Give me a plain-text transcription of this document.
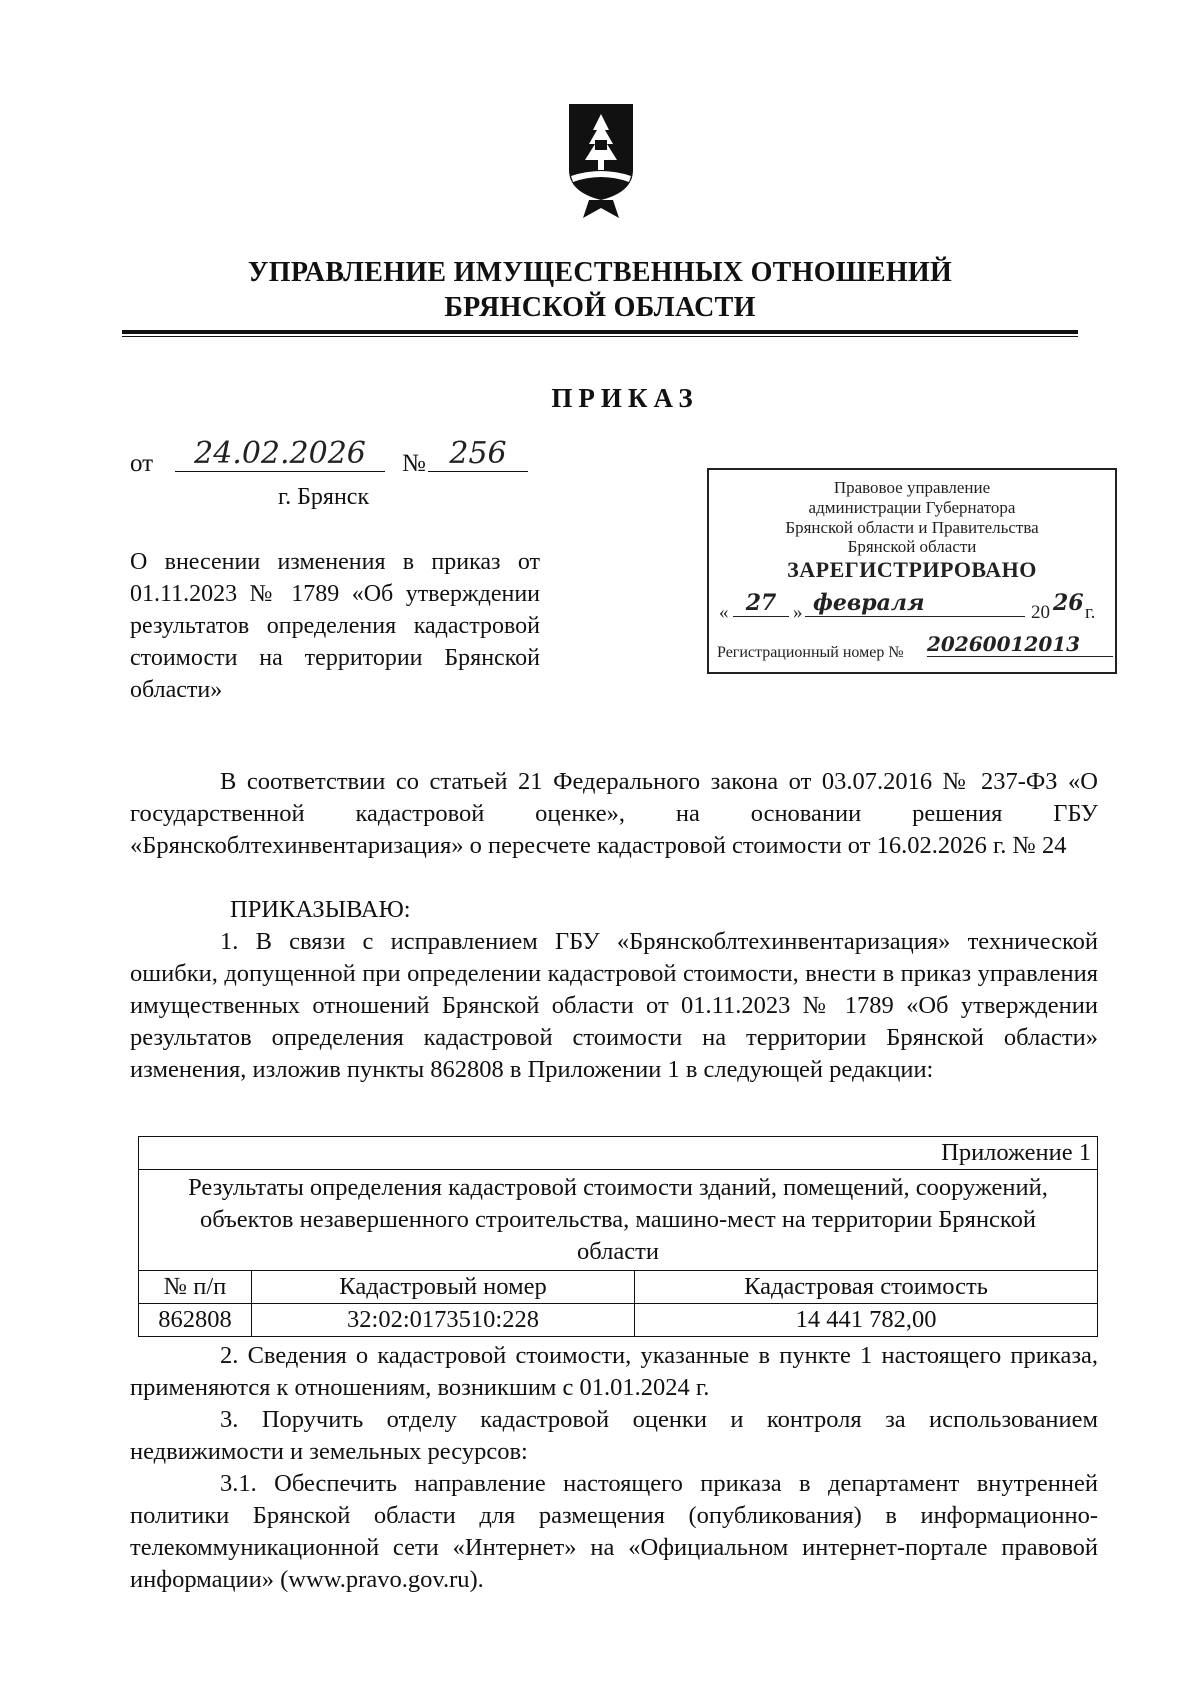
УПРАВЛЕНИЕ ИМУЩЕСТВЕННЫХ ОТНОШЕНИЙ
БРЯНСКОЙ ОБЛАСТИ
ПРИКАЗ
от	24.02.2026	№ 256
г. Брянск
О внесении изменения в приказ от 01.11.2023 № 1789 «Об утверждении результатов определения кадастровой стоимости на территории Брянской области»
Правовое управление
администрации Губернатора
Брянской области и Правительства
Брянской области
ЗАРЕГИСТРИРОВАНО
« 27 » февраля	20 26 г.
Регистрационный номер № 20260012013
В соответствии со статьей 21 Федерального закона от 03.07.2016 № 237-ФЗ «О государственной кадастровой оценке», на основании решения ГБУ «Брянскоблтехинвентаризация» о пересчете кадастровой стоимости от 16.02.2026 г. № 24
ПРИКАЗЫВАЮ:
1. В связи с исправлением ГБУ «Брянскоблтехинвентаризация» технической ошибки, допущенной при определении кадастровой стоимости, внести в приказ управления имущественных отношений Брянской области от 01.11.2023 № 1789 «Об утверждении результатов определения кадастровой стоимости на территории Брянской области» изменения, изложив пункты 862808 в Приложении 1 в следующей редакции:
Приложение 1		
Результаты определения кадастровой стоимости зданий, помещений, сооружений, объектов незавершенного строительства, машино-мест на территории Брянской области		
№ п/п	Кадастровый номер	Кадастровая стоимость
862808	32:02:0173510:228	14 441 782,00
2. Сведения о кадастровой стоимости, указанные в пункте 1 настоящего приказа, применяются к отношениям, возникшим с 01.01.2024 г.
3. Поручить отделу кадастровой оценки и контроля за использованием недвижимости и земельных ресурсов:
3.1. Обеспечить направление настоящего приказа в департамент внутренней политики Брянской области для размещения (опубликования) в информационно-телекоммуникационной сети «Интернет» на «Официальном интернет-портале правовой информации» (www.pravo.gov.ru).
